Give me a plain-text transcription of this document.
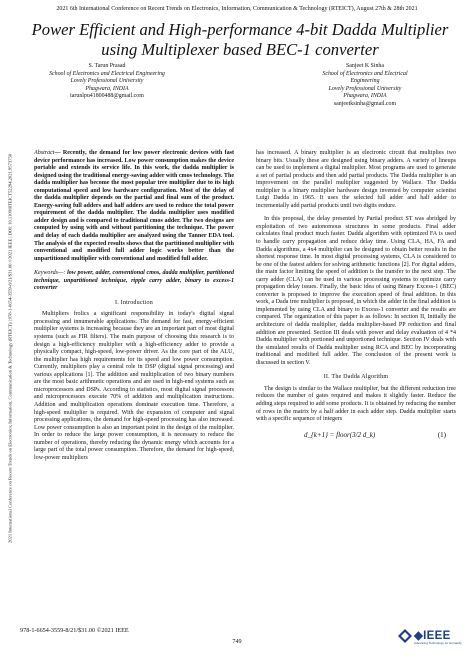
2021 6th International Conference on Recent Trends on Electronics, Information, Communication & Technology (RTEICT), August 27th & 28th 2021
2021 International Conference on Recent Trends on Electronics, Information, Communication & Technology (RTEICT) | 978-1-6654-3559-8/21/$31.00 ©2021 IEEE | DOI: 10.1109/RTEICT52294.2021.9573750
Power Efficient and High-performance 4-bit Dadda Multiplier using Multiplexer based BEC-1 converter
S. Tarun Prasad
School of Electronics and Electrical Engineering
Lovely Professional University
Phagwara, INDIA
tarunlpu41800488@gmail.com
Sanjeet K Sinha
School of Electronics and Electrical
Engineering
Lovely Professional University
Phagwara, INDIA
sanjeetksinha@gmail.com

Abstract— Recently, the demand for low power electronic devices with fast device performance has increased. Low power consumption makes the device portable and extends its service life. In this work, the dadda multiplier is designed using the traditional energy-saving adder with cmos technology. The dadda multiplier has become the most popular tree multiplier due to its high computational speed and low hardware configuration. Most of the delay of the dadda multiplier depends on the partial and final sum of the product. Energy-saving full adders and half adders are used to reduce the total power requirement of the dadda multiplier. The dadda multiplier uses modified adder design and is compared to traditional cmos adder. The two designs are computed by using with and without partitioning the technique. The power and delay of each dadda multiplier are analyzed using the Tanner EDA tool. The analysis of the expected results shows that the partitioned multiplier with conventional and modified full adder logic works better than the unpartitioned multiplier with conventional and modified full adder.

Keywords—: low power, adder, conventional cmos, dadda multiplier, partitioned technique, unpartitioned technique, ripple carry adder, binary to excess-1 converter

I. Introduction

Multipliers frolics a significant responsibility in today's digital signal processing and innumerable applications. The demand for fast, energy-efficient multiplier systems is increasing because they are an important part of most digital systems (such as FIR filters). The main purpose of choosing this research is to design a high-efficiency multiplier with a high-efficiency adder to provide a physically compact, high-speed, low-power driver. As the core part of the ALU, the multiplier has high requirements for its speed and low power consumption. Currently, multipliers play a central role in DSP (digital signal processing) and various applications [1]. The addition and multiplication of two binary numbers are the most basic arithmetic operations and are used in high-end systems such as microprocessors and DSPs. According to statistics, most digital signal processors and microprocessors execute 70% of addition and multiplication instructions. Addition and multiplication operations dominate execution time. Therefore, a high-speed multiplier is required. With the expansion of computer and signal processing applications, the demand for high-speed processing has also increased. Low power consumption is also an important point in the design of the multiplier. In order to reduce the large power consumption, it is necessary to reduce the number of operations, thereby reducing the dynamic energy which accounts for a large part of the total power consumption. Therefore, the demand for high-speed, low-power multipliers

has increased. A binary multiplier is an electronic circuit that multiplies two binary bits. Usually these are designed using binary adders. A variety of lineups can be used to implement a digital multiplier. Most programs are used to generate a set of partial products and then add partial products. The Dadda multiplier is an improvement on the parallel multiplier suggested by Wallace. The Dadda multiplier is a binary multiplier hardware design invented by computer scientist Luigi Dadda in 1965. It uses the selected full adder and half adder to incrementally add partial products until two digits endure.

In this proposal, the delay presented by Partial product ST was abridged by exploitation of two autonomous structures in some products. Final adder calculates final product much faster. Dadda algorithm with optimized FA is used to handle carry propagation and reduce delay time. Using CLA, HA, FA and Dadda algorithms, a 4x4 multiplier can be designed to obtain better results in the shortest response time. In most digital processing systems, CLA is considered to be one of the fastest adders for solving arithmetic functions [2]. For digital adders, the main factor limiting the speed of addition is the transfer to the next step. The carry adder (CLA) can be used in various processing systems to optimize carry propagation delay issues. Finally, the basic idea of using Binary Excess-1 (BEC) converter is proposed to improve the execution speed of final addition. In this work, a Dada tree multiplier is proposed, in which the adder in the final addition is implemented by using CLA and binary to Excess-1 converter and the results are compared. The organization of this paper is as follows: In section II, Initially the architecture of dadda multiplier, dadda multiplier-based PP reduction and final addition are presented. Section III deals with power and delay evaluation of 4 *4 Dadda multiplier with portioned and unportioned technique. Section IV deals with the simulated results of Dadda multiplier using RCA and BEC by incorporating traditional and modified full adder. The conclusion of the present work is discussed in section V.

II. The Dadda Algorithm

The design is similar to the Wallace multiplier, but the different reduction tree reduces the number of gates required and makes it slightly faster. Reduce the adding steps required to add some products. It is obtained by reducing the number of rows in the matrix by a half adder in each adder step. Dadda multiplier starts with a specific sequence of integers

d_{k+1} = floor(3/2 d_k)	(1)
978-1-6654-3559-8/21/$31.00 ©2021 IEEE
749	◆IEEE
Advancing Technology for Humanity
